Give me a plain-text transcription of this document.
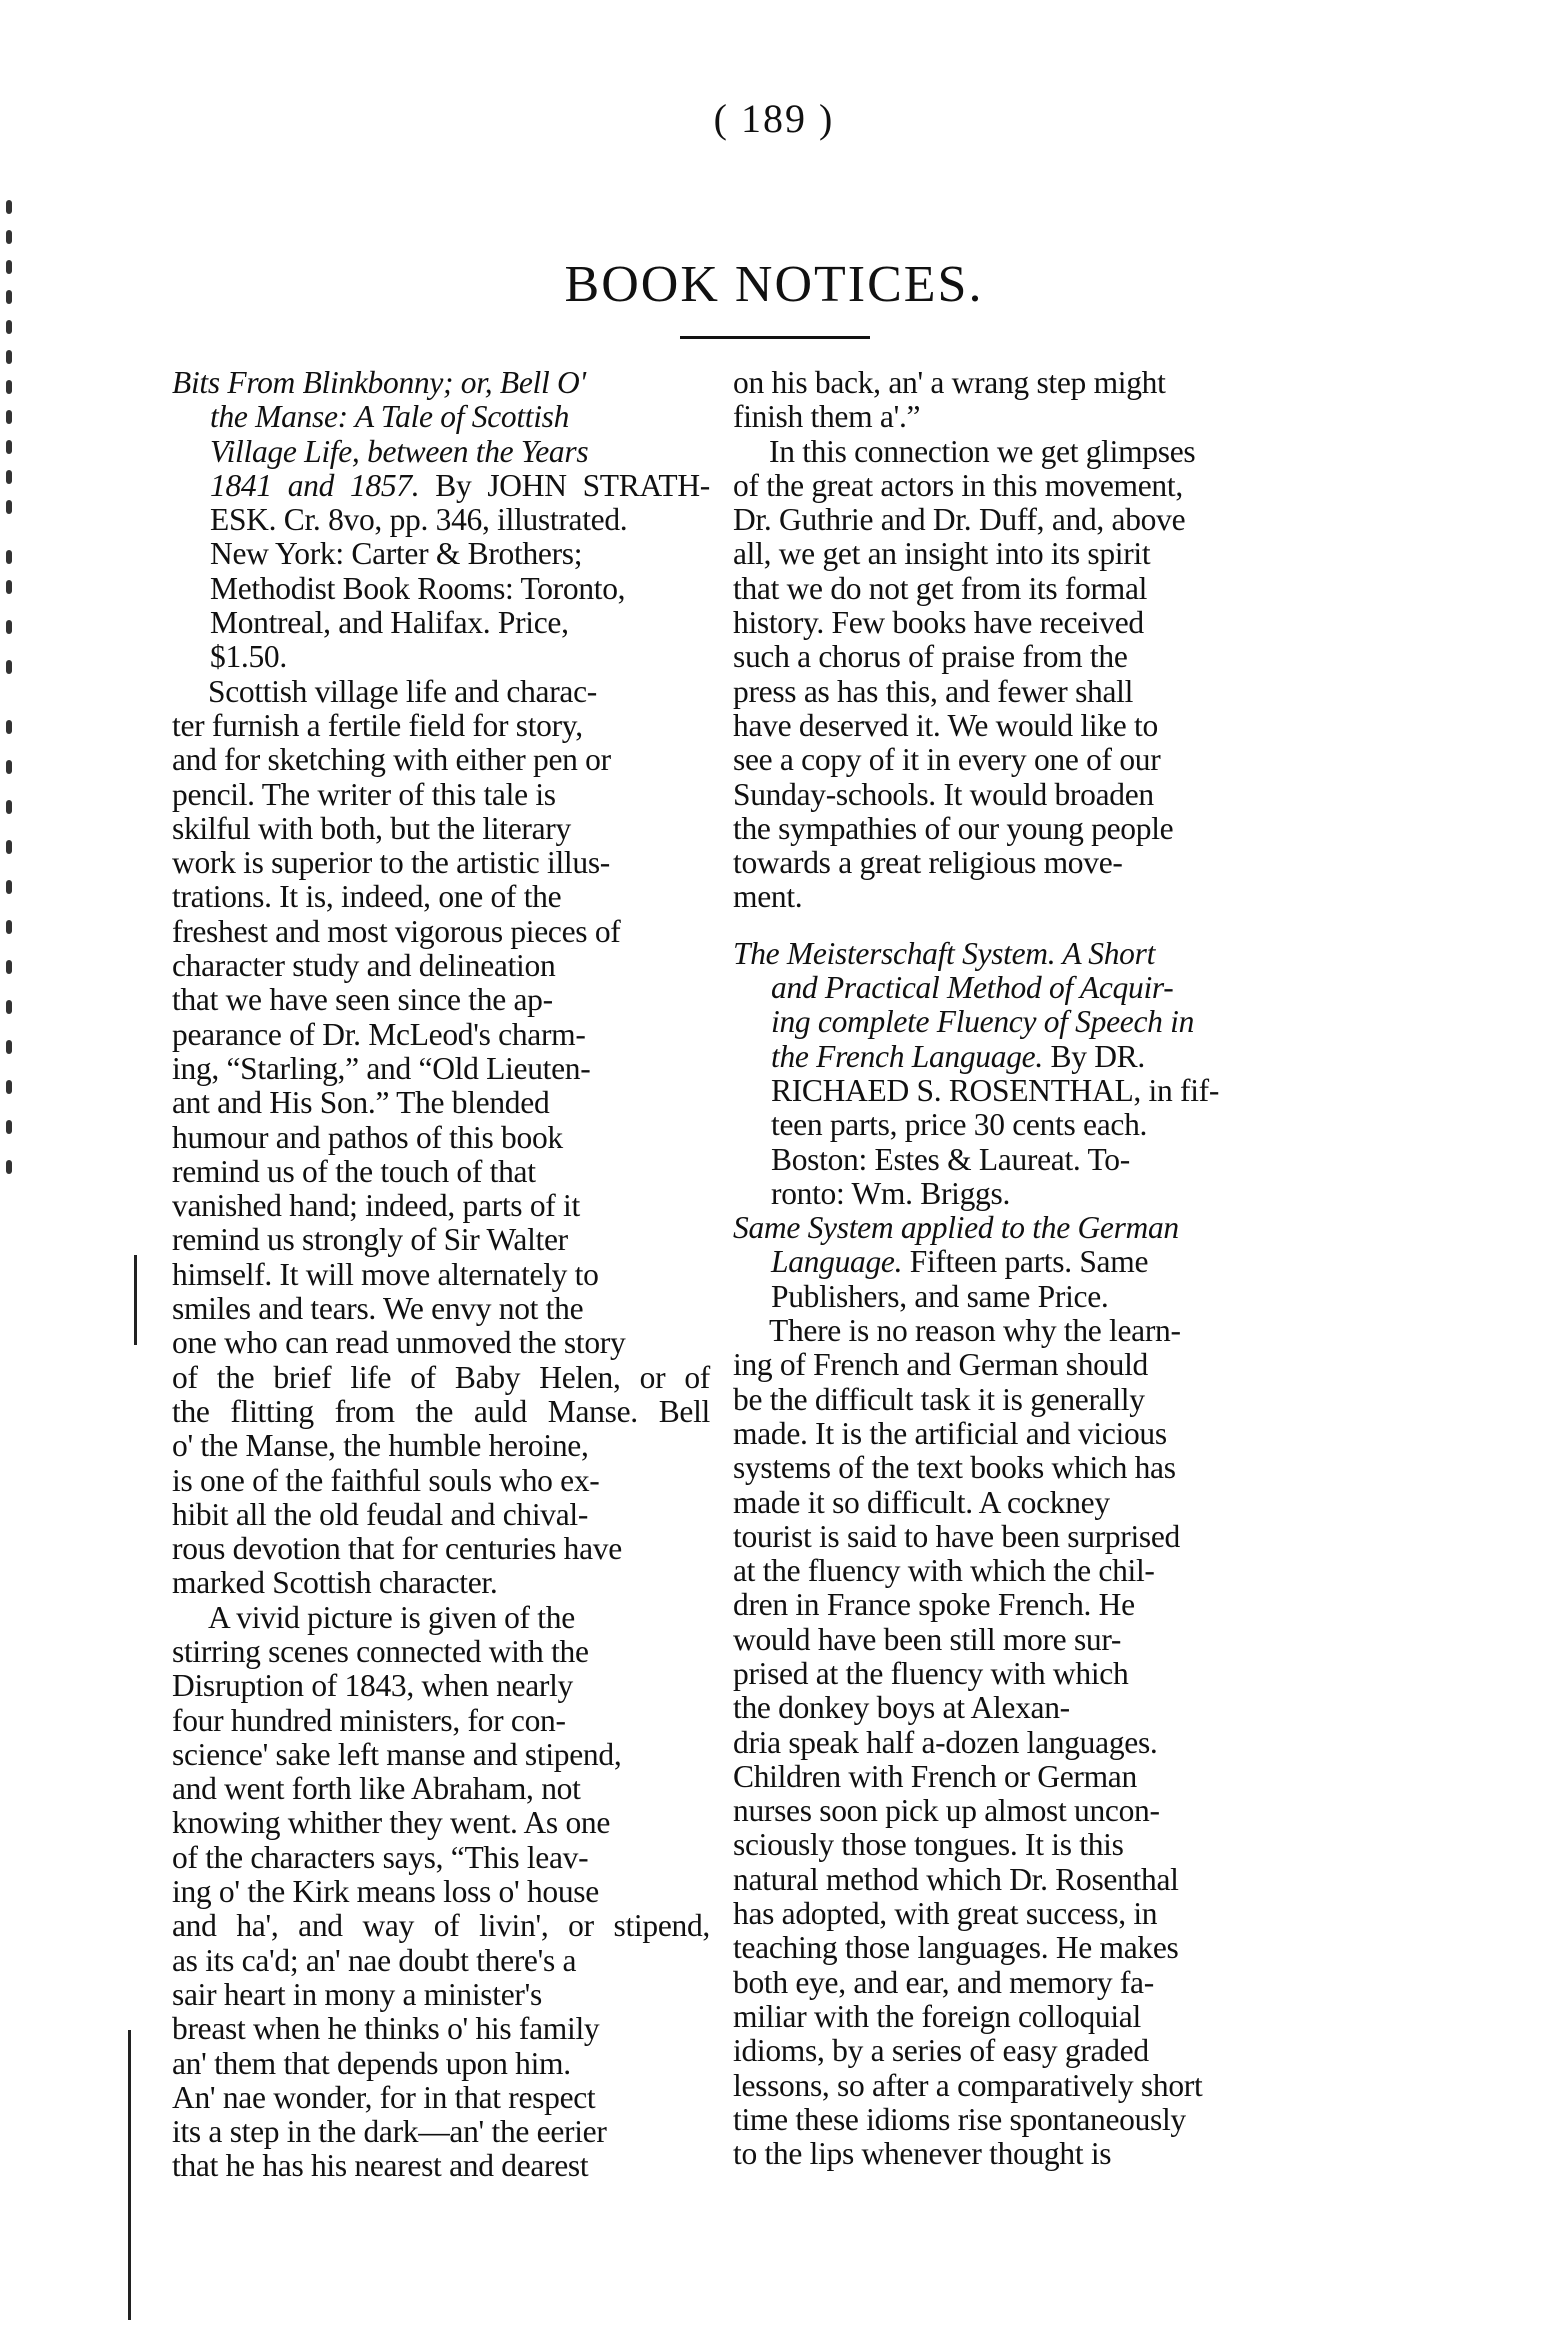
( 189 )
BOOK NOTICES.

Bits From Blinkbonny; or, Bell O'

the Manse: A Tale of Scottish

Village Life, between the Years

1841 and 1857. By JOHN STRATH-

ESK. Cr. 8vo, pp. 346, illustrated.

New York: Carter & Brothers;

Methodist Book Rooms: Toronto,

Montreal, and Halifax. Price,

$1.50.

Scottish village life and charac-

ter furnish a fertile field for story,

and for sketching with either pen or

pencil. The writer of this tale is

skilful with both, but the literary

work is superior to the artistic illus-

trations. It is, indeed, one of the

freshest and most vigorous pieces of

character study and delineation

that we have seen since the ap-

pearance of Dr. McLeod's charm-

ing, “Starling,” and “Old Lieuten-

ant and His Son.” The blended

humour and pathos of this book

remind us of the touch of that

vanished hand; indeed, parts of it

remind us strongly of Sir Walter

himself. It will move alternately to

smiles and tears. We envy not the

one who can read unmoved the story

of the brief life of Baby Helen, or of

the flitting from the auld Manse. Bell

o' the Manse, the humble heroine,

is one of the faithful souls who ex-

hibit all the old feudal and chival-

rous devotion that for centuries have

marked Scottish character.

A vivid picture is given of the

stirring scenes connected with the

Disruption of 1843, when nearly

four hundred ministers, for con-

science' sake left manse and stipend,

and went forth like Abraham, not

knowing whither they went. As one

of the characters says, “This leav-

ing o' the Kirk means loss o' house

and ha', and way of livin', or stipend,

as its ca'd; an' nae doubt there's a

sair heart in mony a minister's

breast when he thinks o' his family

an' them that depends upon him.

An' nae wonder, for in that respect

its a step in the dark—an' the eerier

that he has his nearest and dearest

on his back, an' a wrang step might

finish them a'.”

In this connection we get glimpses

of the great actors in this movement,

Dr. Guthrie and Dr. Duff, and, above

all, we get an insight into its spirit

that we do not get from its formal

history. Few books have received

such a chorus of praise from the

press as has this, and fewer shall

have deserved it. We would like to

see a copy of it in every one of our

Sunday-schools. It would broaden

the sympathies of our young people

towards a great religious move-

ment.

The Meisterschaft System. A Short

and Practical Method of Acquir-

ing complete Fluency of Speech in

the French Language. By DR.

RICHAED S. ROSENTHAL, in fif-

teen parts, price 30 cents each.

Boston: Estes & Laureat. To-

ronto: Wm. Briggs.

Same System applied to the German

Language. Fifteen parts. Same

Publishers, and same Price.

There is no reason why the learn-

ing of French and German should

be the difficult task it is generally

made. It is the artificial and vicious

systems of the text books which has

made it so difficult. A cockney

tourist is said to have been surprised

at the fluency with which the chil-

dren in France spoke French. He

would have been still more sur-

prised at the fluency with which

the donkey boys at Alexan-

dria speak half a-dozen languages.

Children with French or German

nurses soon pick up almost uncon-

sciously those tongues. It is this

natural method which Dr. Rosenthal

has adopted, with great success, in

teaching those languages. He makes

both eye, and ear, and memory fa-

miliar with the foreign colloquial

idioms, by a series of easy graded

lessons, so after a comparatively short

time these idioms rise spontaneously

to the lips whenever thought is
